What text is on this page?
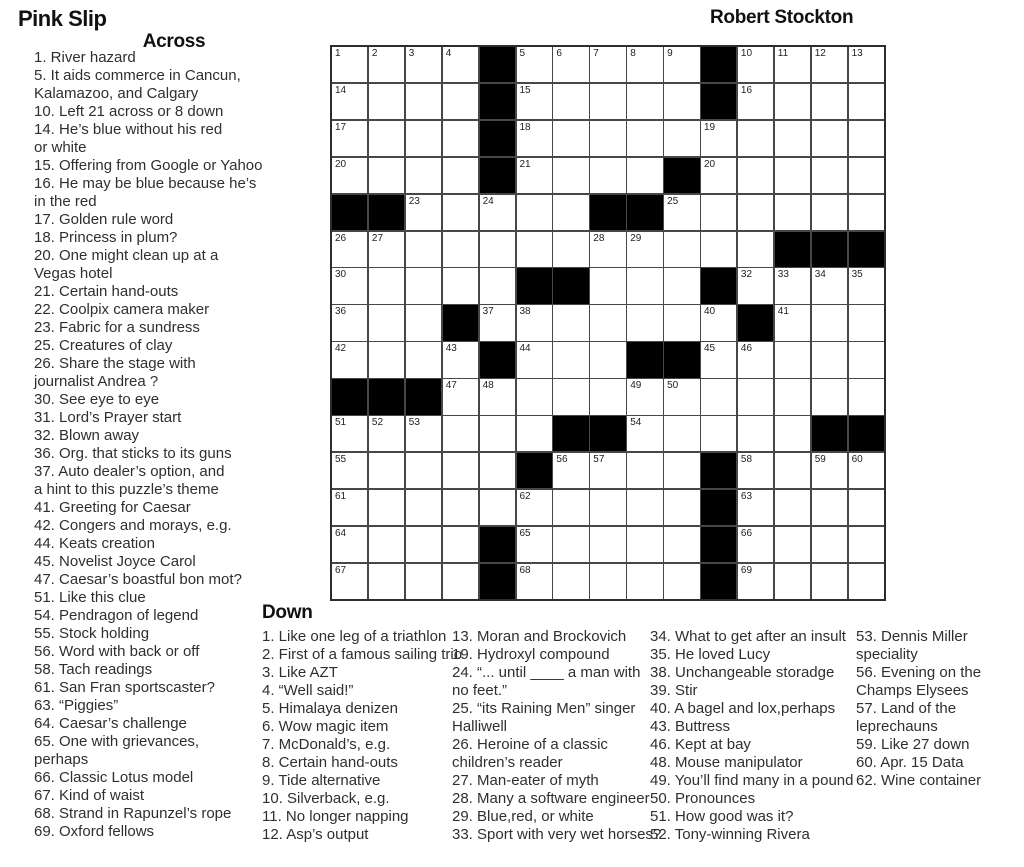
Pink Slip	Robert Stockton
Across
1. River hazard
5. It aids commerce in Cancun,
Kalamazoo, and Calgary
10. Left 21 across or 8 down
14. He’s blue without his red
or white
15. Offering from Google or Yahoo
16. He may be blue because he’s
in the red
17. Golden rule word
18. Princess in plum?
20. One might clean up at a
Vegas hotel
21. Certain hand-outs
22. Coolpix camera maker
23. Fabric for a sundress
25. Creatures of clay
26. Share the stage with
journalist Andrea ?
30. See eye to eye
31. Lord’s Prayer start
32. Blown away
36. Org. that sticks to its guns
37. Auto dealer’s option, and
a hint to this puzzle’s theme
41. Greeting for Caesar
42. Congers and morays, e.g.
44. Keats creation
45. Novelist Joyce Carol
47. Caesar’s boastful bon mot?
51. Like this clue
54. Pendragon of legend
55. Stock holding
56. Word with back or off
58. Tach readings
61. San Fran sportscaster?
63. “Piggies”
64. Caesar’s challenge
65. One with grievances,
perhaps
66. Classic Lotus model
67. Kind of waist
68. Strand in Rapunzel’s rope
69. Oxford fellows
1	2	3	4	5	6	7	8	9	10	11	12	13
14	15	16
17	18	19
20	21	20
23	24	25
26	27	28	29
30	32	33	34	35
36	37	38	40	41
42	43	44	45	46
47	48	49	50
51	52	53	54
55	56	57	58	59	60
61	62	63
64	65	66
67	68	69
Down
1. Like one leg of a triathlon
2. First of a famous sailing trio
3. Like AZT
4. “Well said!”
5. Himalaya denizen
6. Wow magic item
7. McDonald’s, e.g.
8. Certain hand-outs
9. Tide alternative
10. Silverback, e.g.
11. No longer napping
12. Asp’s output
13. Moran and Brockovich
19. Hydroxyl compound
24. “... until ____ a man with
no feet.”
25. “its Raining Men” singer
Halliwell
26. Heroine of a classic
children’s reader
27. Man-eater of myth
28. Many a software engineer
29. Blue,red, or white
33. Sport with very wet horses?
34. What to get after an insult
35. He loved Lucy
38. Unchangeable storadge
39. Stir
40. A bagel and lox,perhaps
43. Buttress
46. Kept at bay
48. Mouse manipulator
49. You’ll find many in a pound
50. Pronounces
51. How good was it?
52. Tony-winning Rivera
53. Dennis Miller
speciality
56. Evening on the
Champs Elysees
57. Land of the
leprechauns
59. Like 27 down
60. Apr. 15 Data
62. Wine container
